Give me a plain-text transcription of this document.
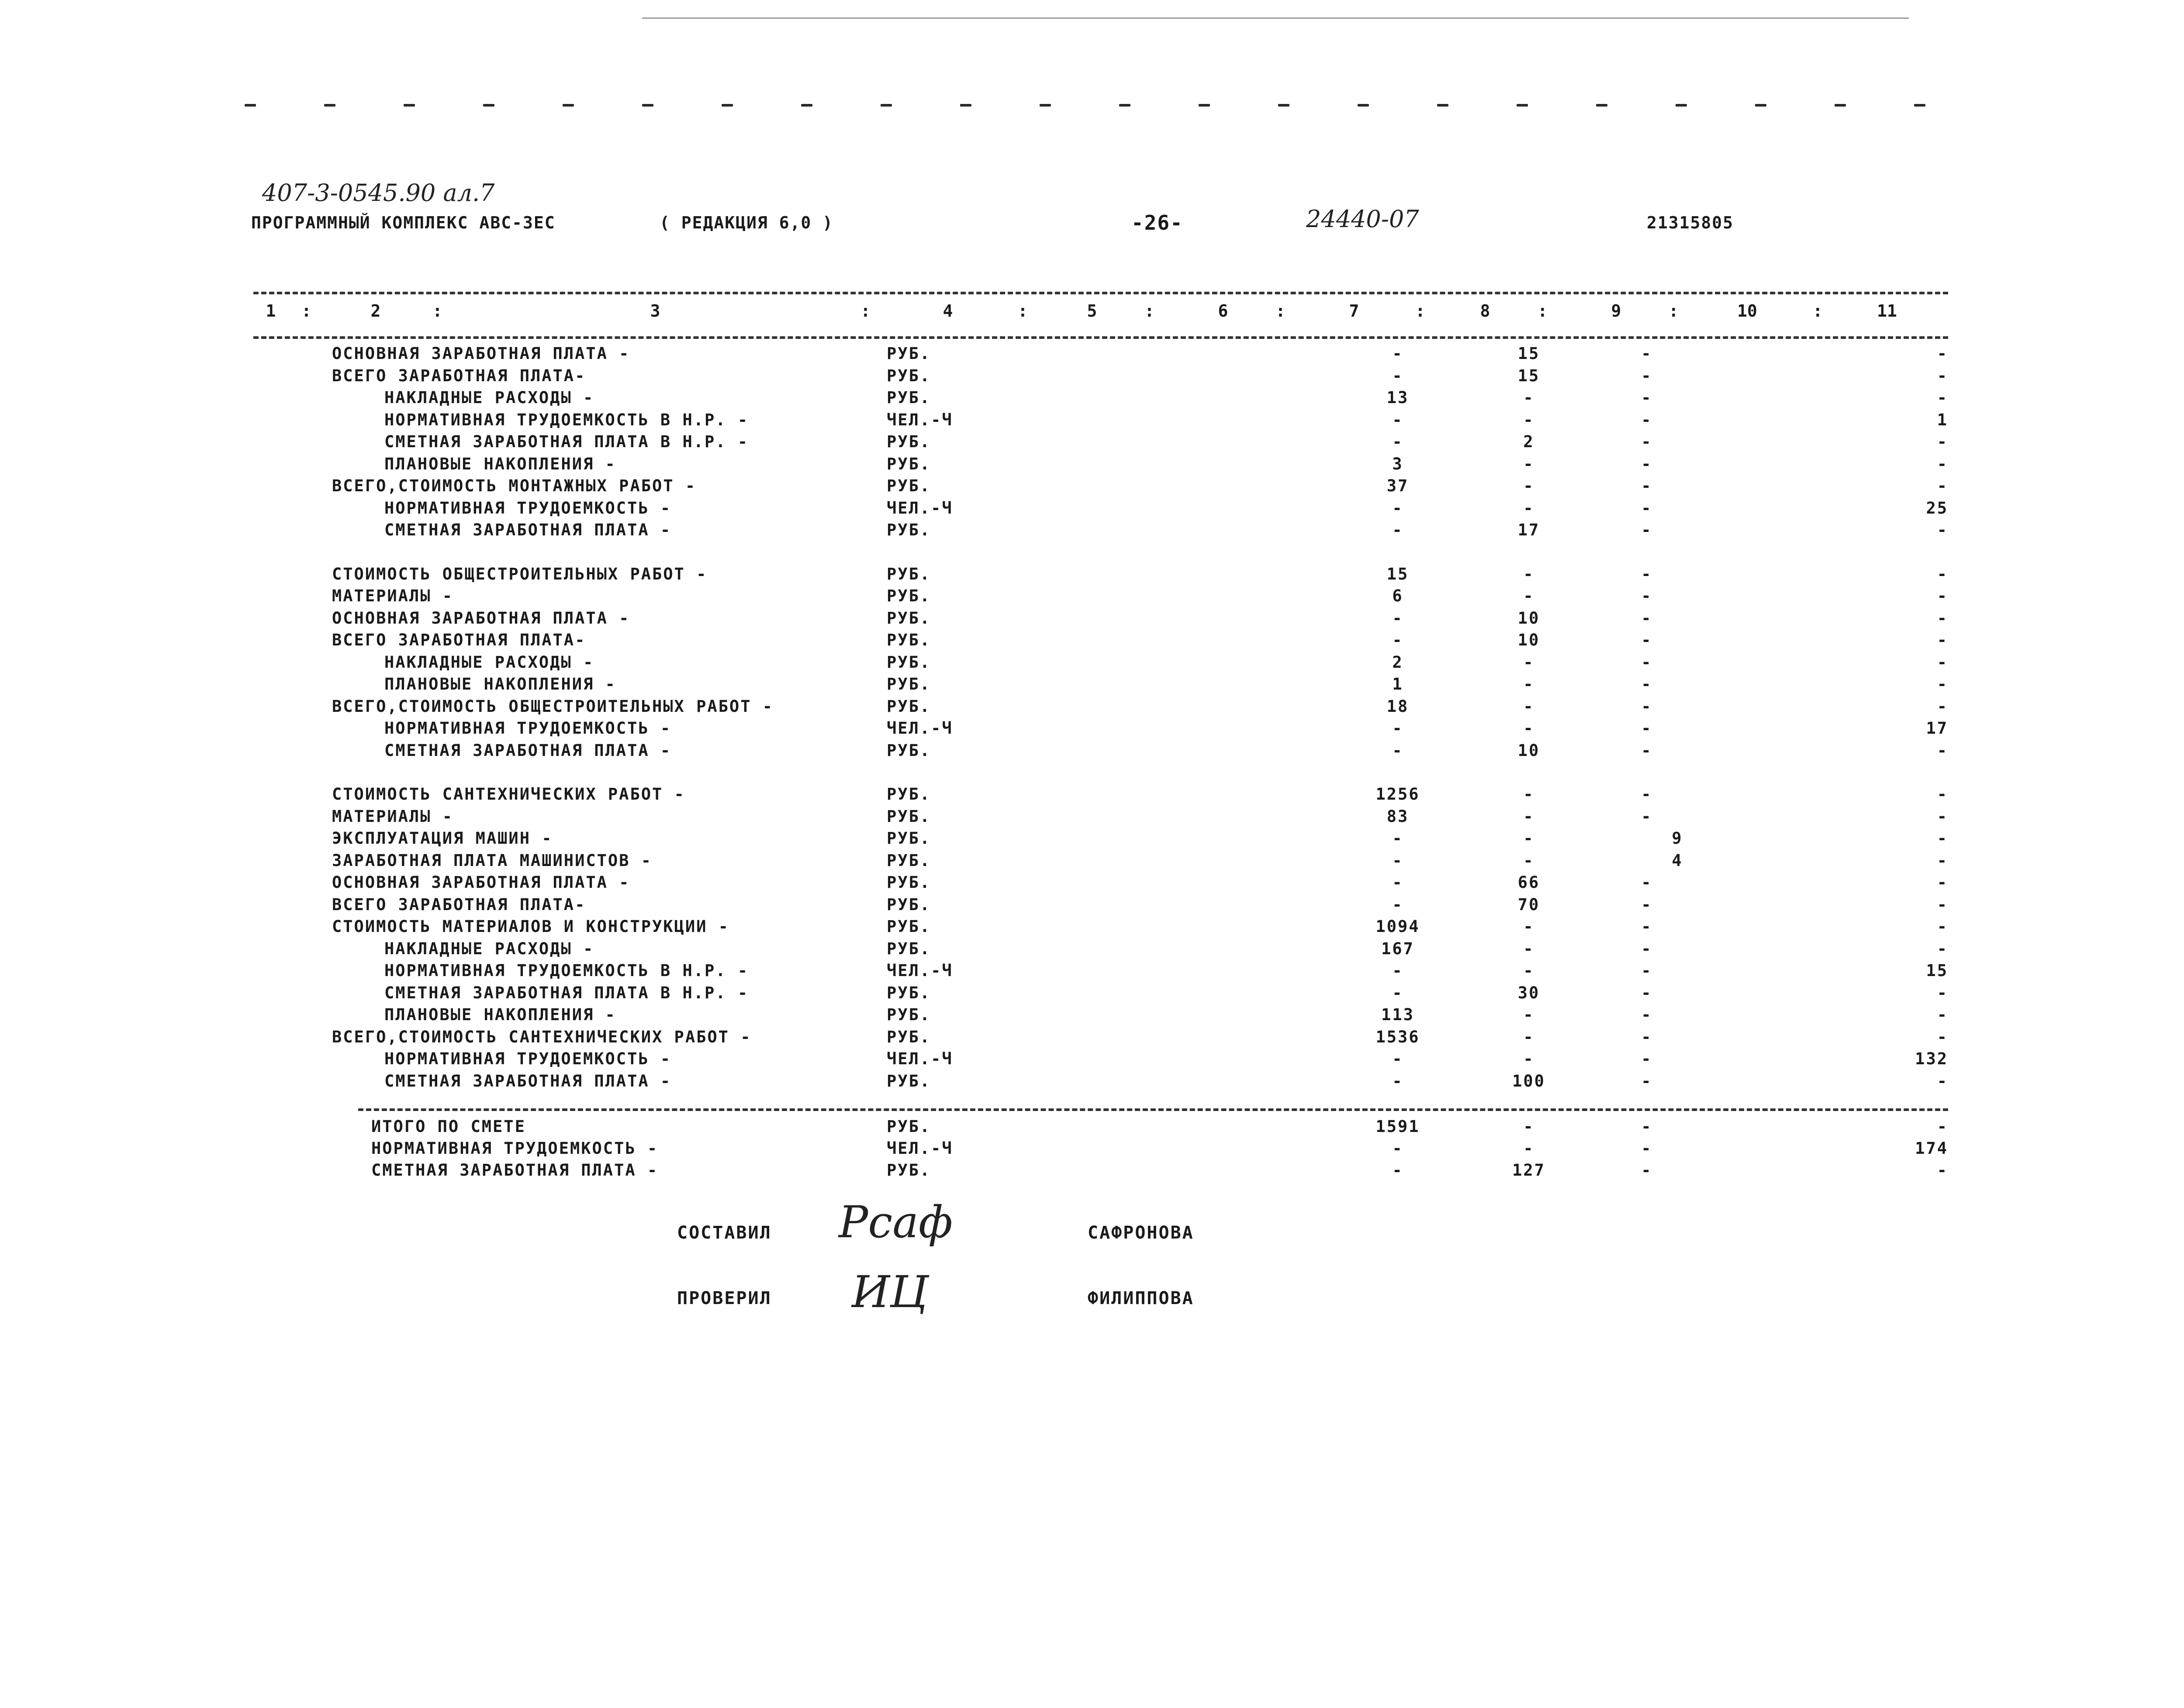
407-3-0545.90 ал.7
ПРОГРАММНЫЙ КОМПЛЕКС АВС-3ЕС	( РЕДАКЦИЯ 6,0 )	-26-	24440-07	21315805
1	2	3	4	5	6	7	8	9	10	11
:	:	:	:	:	:	:	:	:	:
ОСНОВНАЯ ЗАРАБОТНАЯ ПЛАТА -	РУБ.	-	15	-	-
ВСЕГО ЗАРАБОТНАЯ ПЛАТА-	РУБ.	-	15	-	-
НАКЛАДНЫЕ РАСХОДЫ -	РУБ.	13	-	-	-
НОРМАТИВНАЯ ТРУДОЕМКОСТЬ В Н.Р. -	ЧЕЛ.-Ч	-	-	-	1
СМЕТНАЯ ЗАРАБОТНАЯ ПЛАТА В Н.Р. -	РУБ.	-	2	-	-
ПЛАНОВЫЕ НАКОПЛЕНИЯ -	РУБ.	3	-	-	-
ВСЕГО,СТОИМОСТЬ МОНТАЖНЫХ РАБОТ -	РУБ.	37	-	-	-
НОРМАТИВНАЯ ТРУДОЕМКОСТЬ -	ЧЕЛ.-Ч	-	-	-	25
СМЕТНАЯ ЗАРАБОТНАЯ ПЛАТА -	РУБ.	-	17	-	-
СТОИМОСТЬ ОБЩЕСТРОИТЕЛЬНЫХ РАБОТ -	РУБ.	15	-	-	-
МАТЕРИАЛЫ -	РУБ.	6	-	-	-
ОСНОВНАЯ ЗАРАБОТНАЯ ПЛАТА -	РУБ.	-	10	-	-
ВСЕГО ЗАРАБОТНАЯ ПЛАТА-	РУБ.	-	10	-	-
НАКЛАДНЫЕ РАСХОДЫ -	РУБ.	2	-	-	-
ПЛАНОВЫЕ НАКОПЛЕНИЯ -	РУБ.	1	-	-	-
ВСЕГО,СТОИМОСТЬ ОБЩЕСТРОИТЕЛЬНЫХ РАБОТ -	РУБ.	18	-	-	-
НОРМАТИВНАЯ ТРУДОЕМКОСТЬ -	ЧЕЛ.-Ч	-	-	-	17
СМЕТНАЯ ЗАРАБОТНАЯ ПЛАТА -	РУБ.	-	10	-	-
СТОИМОСТЬ САНТЕХНИЧЕСКИХ РАБОТ -	РУБ.	1256	-	-	-
МАТЕРИАЛЫ -	РУБ.	83	-	-	-
ЭКСПЛУАТАЦИЯ МАШИН -	РУБ.	-	-	9	-
ЗАРАБОТНАЯ ПЛАТА МАШИНИСТОВ -	РУБ.	-	-	4	-
ОСНОВНАЯ ЗАРАБОТНАЯ ПЛАТА -	РУБ.	-	66	-	-
ВСЕГО ЗАРАБОТНАЯ ПЛАТА-	РУБ.	-	70	-	-
СТОИМОСТЬ МАТЕРИАЛОВ И КОНСТРУКЦИИ -	РУБ.	1094	-	-	-
НАКЛАДНЫЕ РАСХОДЫ -	РУБ.	167	-	-	-
НОРМАТИВНАЯ ТРУДОЕМКОСТЬ В Н.Р. -	ЧЕЛ.-Ч	-	-	-	15
СМЕТНАЯ ЗАРАБОТНАЯ ПЛАТА В Н.Р. -	РУБ.	-	30	-	-
ПЛАНОВЫЕ НАКОПЛЕНИЯ -	РУБ.	113	-	-	-
ВСЕГО,СТОИМОСТЬ САНТЕХНИЧЕСКИХ РАБОТ -	РУБ.	1536	-	-	-
НОРМАТИВНАЯ ТРУДОЕМКОСТЬ -	ЧЕЛ.-Ч	-	-	-	132
СМЕТНАЯ ЗАРАБОТНАЯ ПЛАТА -	РУБ.	-	100	-	-
ИТОГО ПО СМЕТЕ	РУБ.	1591	-	-	-
НОРМАТИВНАЯ ТРУДОЕМКОСТЬ -	ЧЕЛ.-Ч	-	-	-	174
СМЕТНАЯ ЗАРАБОТНАЯ ПЛАТА -	РУБ.	-	127	-	-
СОСТАВИЛ Рсаф	САФРОНОВА
ПРОВЕРИЛ ИЦ	ФИЛИППОВА
